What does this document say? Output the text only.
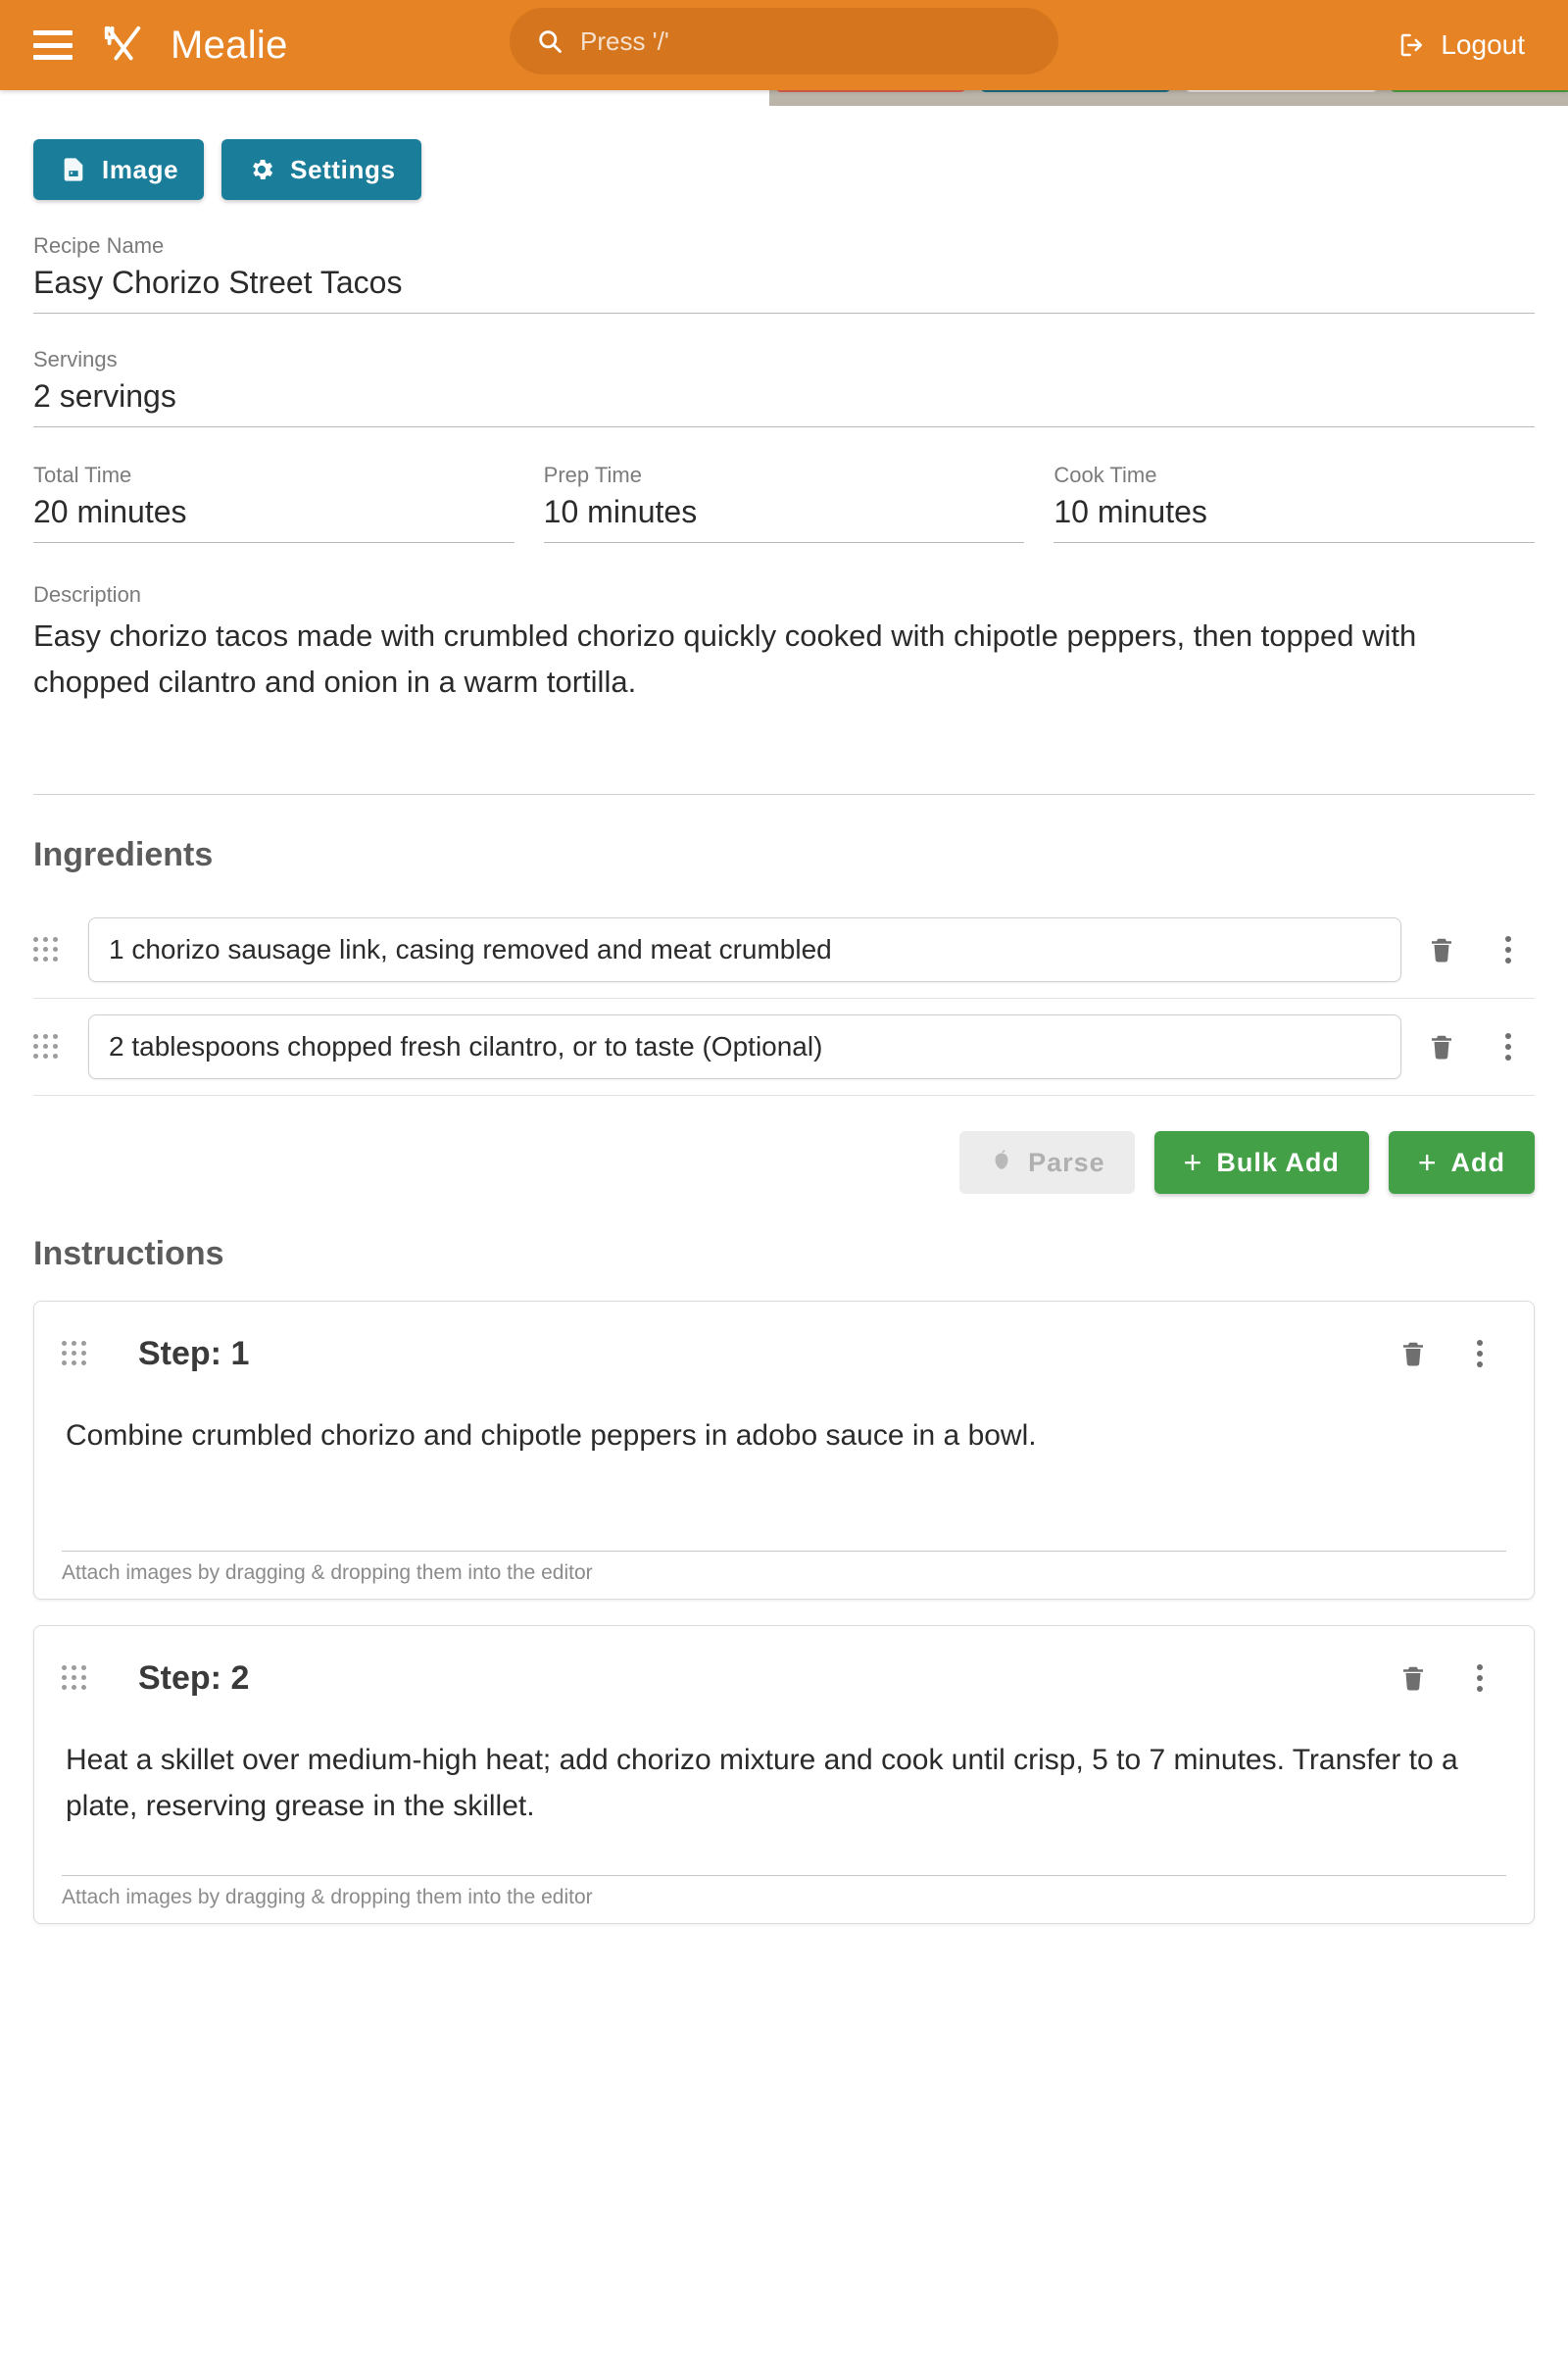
Mealie	Press '/'	Logout
Image	Settings
Recipe Name
Easy Chorizo Street Tacos
Servings
2 servings
Total Time
20 minutes
Prep Time
10 minutes
Cook Time
10 minutes
Description
Easy chorizo tacos made with crumbled chorizo quickly cooked with chipotle peppers, then topped with chopped cilantro and onion in a warm tortilla.
Ingredients
1 chorizo sausage link, casing removed and meat crumbled
2 tablespoons chopped fresh cilantro, or to taste (Optional)
Parse	+ Bulk Add	+ Add
Instructions
Step: 1
Combine crumbled chorizo and chipotle peppers in adobo sauce in a bowl.
Attach images by dragging & dropping them into the editor
Step: 2
Heat a skillet over medium-high heat; add chorizo mixture and cook until crisp, 5 to 7 minutes. Transfer to a plate, reserving grease in the skillet.
Attach images by dragging & dropping them into the editor
